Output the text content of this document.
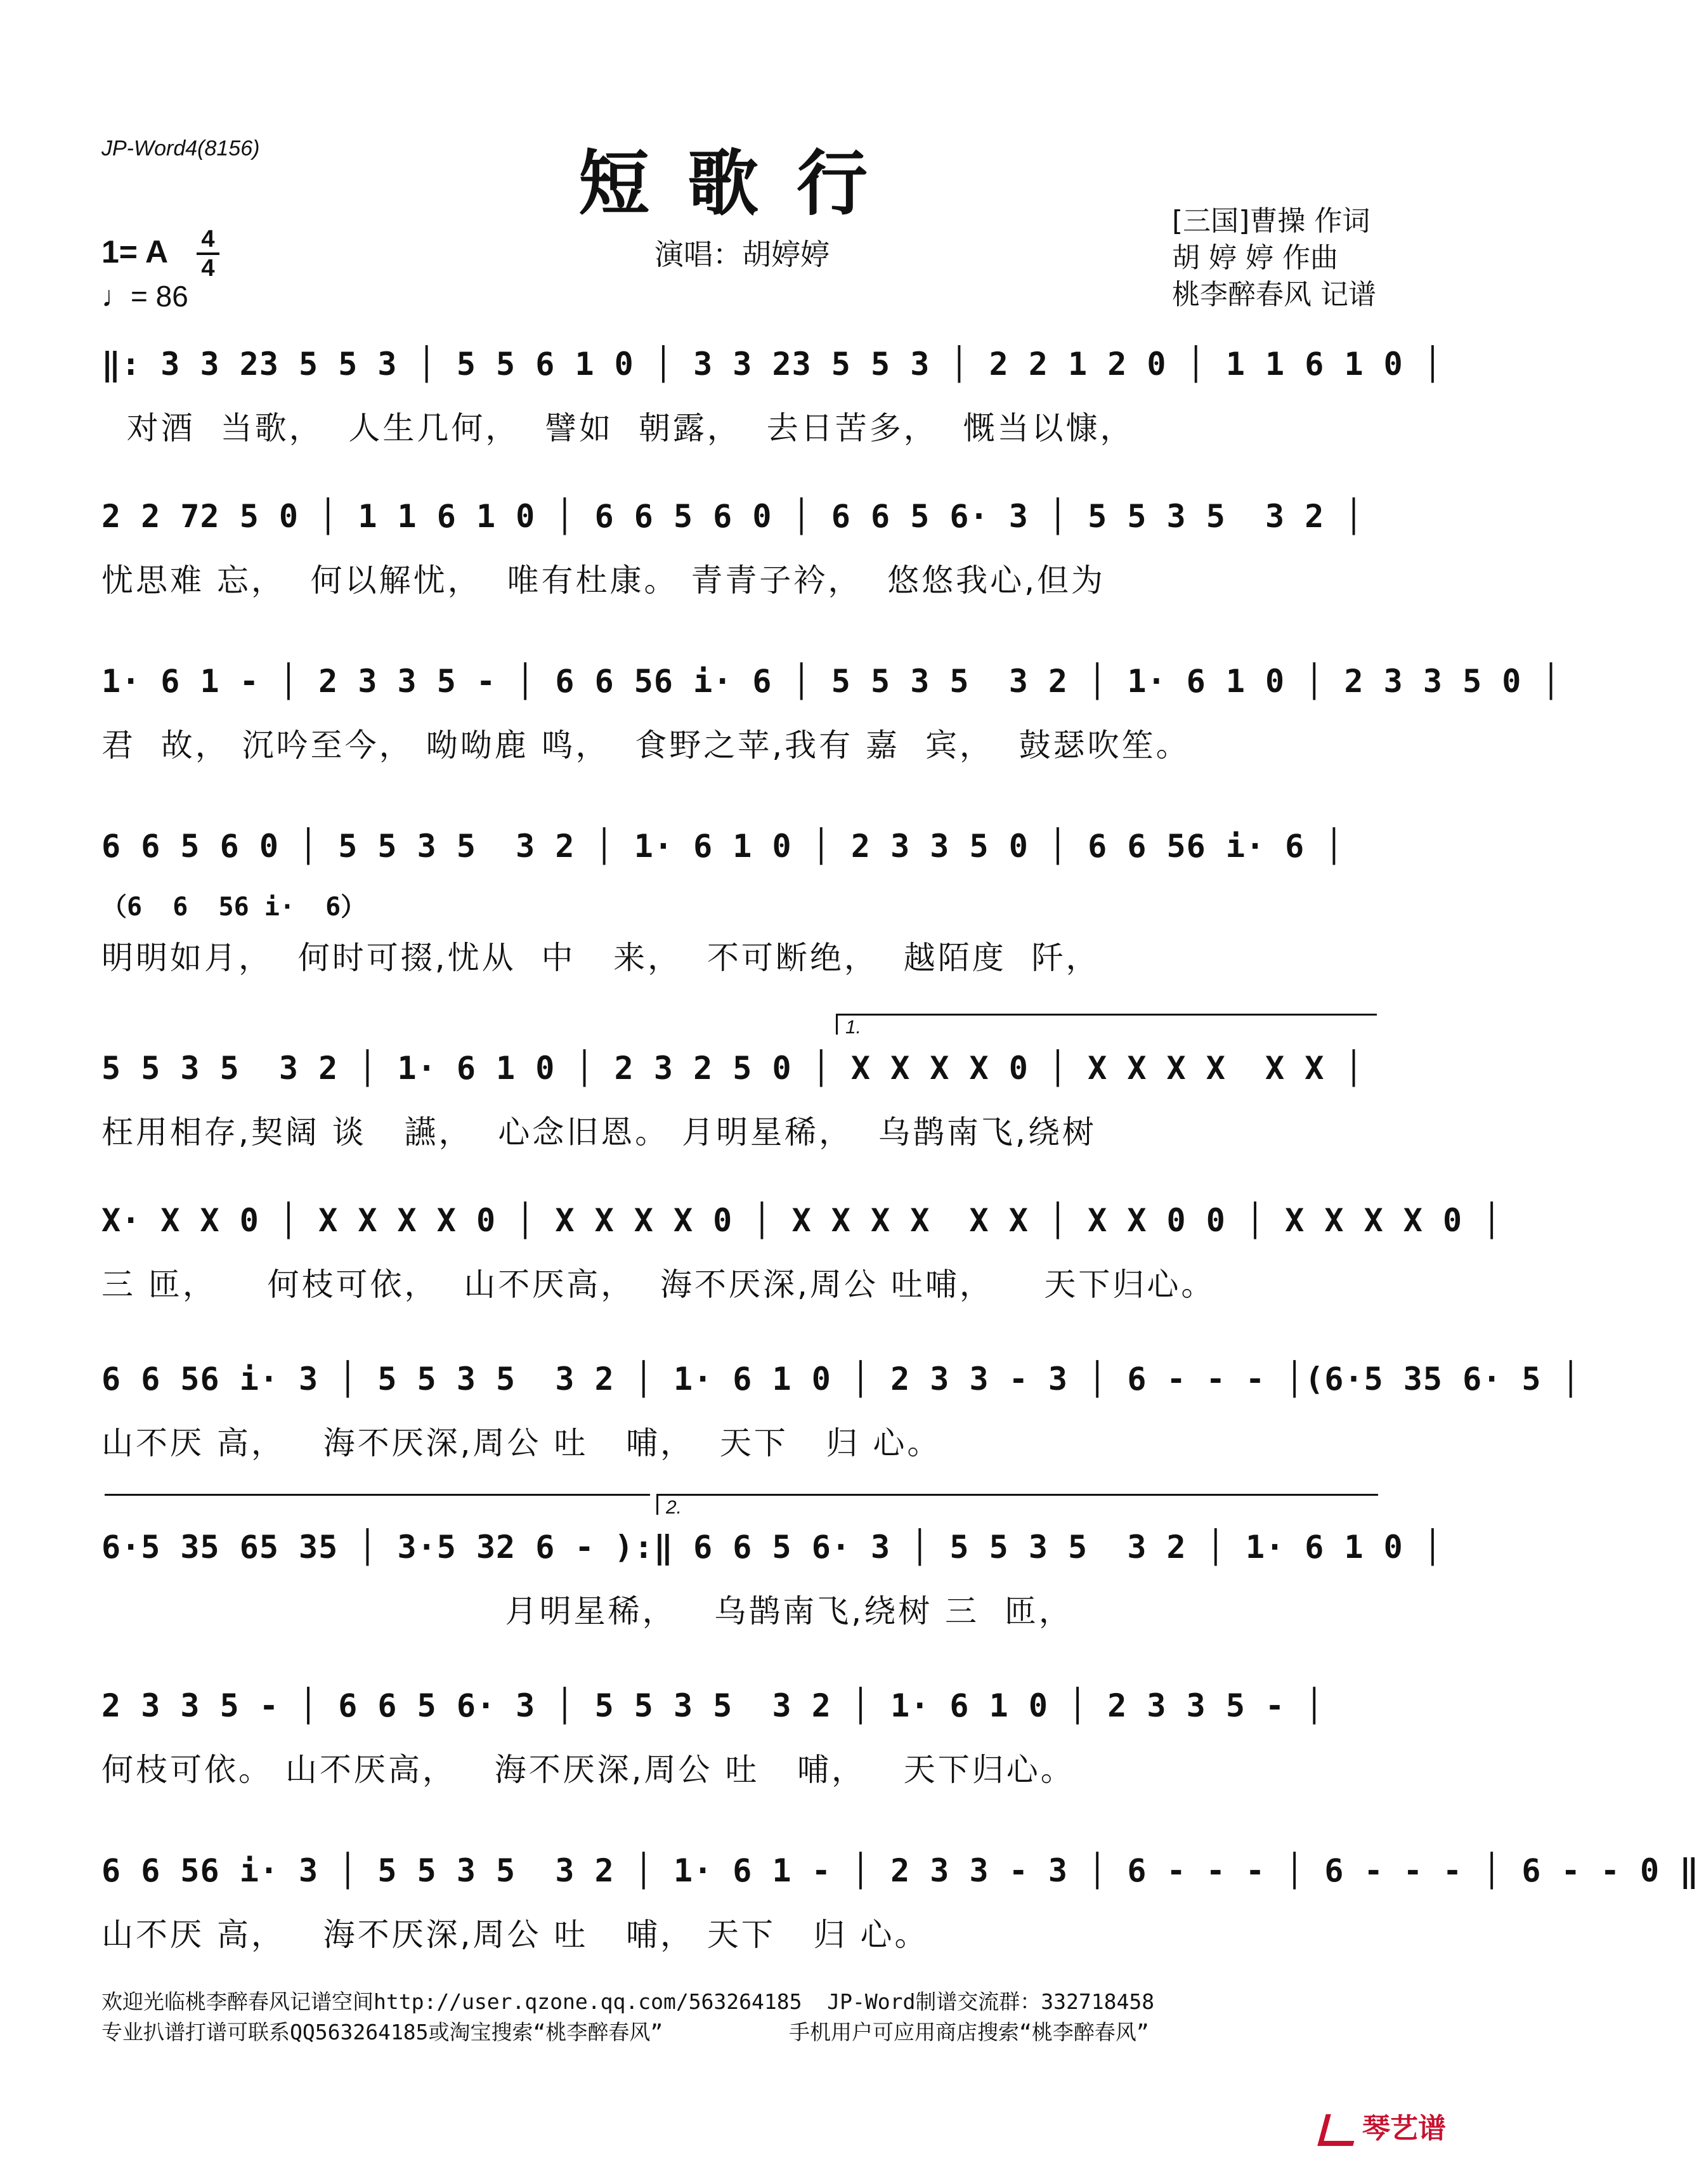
JP-Word4(8156)	短歌行
演唱：胡婷婷
1= A 4
4
♩= 86
[三国]曹操 作词
胡 婷 婷 作曲
桃李醉春风 记谱
‖: 3 3 23 5 5 3 │ 5 5 6 1 0 │ 3 3 23 5 5 3 │ 2 2 1 2 0 │ 1 1 6 1 0 │
对酒  当歌，  人生几何，  譬如  朝露，  去日苦多，  慨当以慷，
2 2 72 5 0 │ 1 1 6 1 0 │ 6 6 5 6 0 │ 6 6 5 6· 3 │ 5 5 3 5  3 2 │
忧思难 忘，  何以解忧，  唯有杜康。 青青子衿，  悠悠我心,但为
1· 6 1 - │ 2 3 3 5 - │ 6 6 56 i· 6 │ 5 5 3 5  3 2 │ 1· 6 1 0 │ 2 3 3 5 0 │
君  故， 沉吟至今， 呦呦鹿 鸣，  食野之苹,我有 嘉  宾，  鼓瑟吹笙。
6 6 5 6 0 │ 5 5 3 5  3 2 │ 1· 6 1 0 │ 2 3 3 5 0 │ 6 6 56 i· 6 │
（6  6  56 i·  6）
明明如月，  何时可掇,忧从  中   来，  不可断绝，  越陌度  阡，
1.
5 5 3 5  3 2 │ 1· 6 1 0 │ 2 3 2 5 0 │ X X X X 0 │ X X X X  X X │
枉用相存,契阔 谈   讌，  心念旧恩。 月明星稀，  乌鹊南飞,绕树
X· X X 0 │ X X X X 0 │ X X X X 0 │ X X X X  X X │ X X 0 0 │ X X X X 0 │
三 匝，    何枝可依，  山不厌高，  海不厌深,周公 吐哺，    天下归心。
6 6 56 i· 3 │ 5 5 3 5  3 2 │ 1· 6 1 0 │ 2 3 3 - 3 │ 6 - - - │(6·5 35 6· 5 │
山不厌 高，   海不厌深,周公 吐   哺，  天下   归 心。
2.
6·5 35 65 35 │ 3·5 32 6 - ):‖ 6 6 5 6· 3 │ 5 5 3 5  3 2 │ 1· 6 1 0 │
月明星稀，   乌鹊南飞,绕树 三  匝，
2 3 3 5 - │ 6 6 5 6· 3 │ 5 5 3 5  3 2 │ 1· 6 1 0 │ 2 3 3 5 - │
何枝可依。 山不厌高，   海不厌深,周公 吐   哺，   天下归心。
6 6 56 i· 3 │ 5 5 3 5  3 2 │ 1· 6 1 - │ 2 3 3 - 3 │ 6 - - - │ 6 - - - │ 6 - - 0 ‖
山不厌 高，   海不厌深,周公 吐   哺， 天下   归 心。
欢迎光临桃李醉春风记谱空间http://user.qzone.qq.com/563264185  JP-Word制谱交流群：332718458
专业扒谱打谱可联系QQ563264185或淘宝搜索“桃李醉春风”          手机用户可应用商店搜索“桃李醉春风”
琴艺谱
